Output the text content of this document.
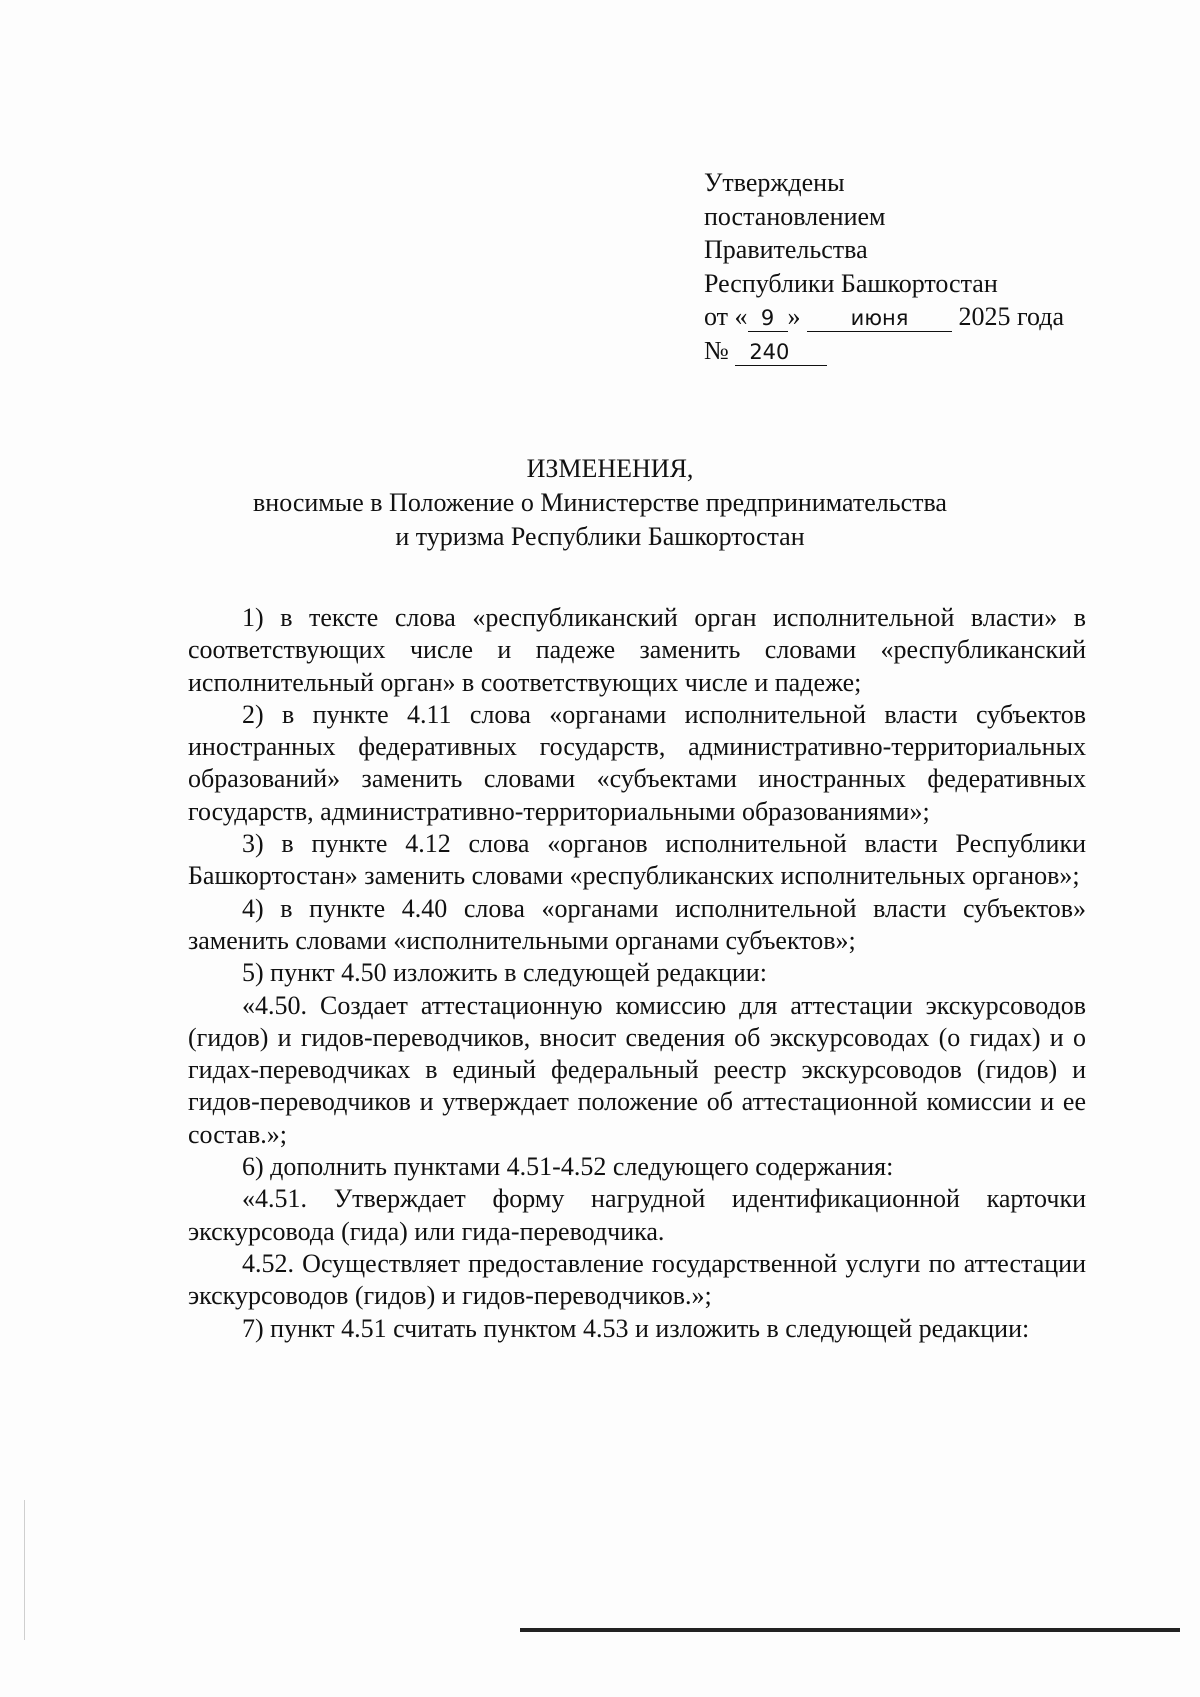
Утверждены
постановлением
Правительства
Республики Башкортостан
от « 9 » июня 2025 года
№ 240
ИЗМЕНЕНИЯ,
вносимые в Положение о Министерстве предпринимательства
и туризма Республики Башкортостан

1) в тексте слова «республиканский орган исполнительной власти» в соответствующих числе и падеже заменить словами «республиканский исполнительный орган» в соответствующих числе и падеже;

2) в пункте 4.11 слова «органами исполнительной власти субъектов иностранных федеративных государств, административно-территориальных образований» заменить словами «субъектами иностранных федеративных государств, административно-территориальными образованиями»;

3) в пункте 4.12 слова «органов исполнительной власти Республики Башкортостан» заменить словами «республиканских исполнительных органов»;

4) в пункте 4.40 слова «органами исполнительной власти субъектов» заменить словами «исполнительными органами субъектов»;

5) пункт 4.50 изложить в следующей редакции:

«4.50. Создает аттестационную комиссию для аттестации экскурсоводов (гидов) и гидов-переводчиков, вносит сведения об экскурсоводах (о гидах) и о гидах-переводчиках в единый федеральный реестр экскурсоводов (гидов) и гидов-переводчиков и утверждает положение об аттестационной комиссии и ее состав.»;

6) дополнить пунктами 4.51-4.52 следующего содержания:

«4.51. Утверждает форму нагрудной идентификационной карточки экскурсовода (гида) или гида-переводчика.

4.52. Осуществляет предоставление государственной услуги по аттестации экскурсоводов (гидов) и гидов-переводчиков.»;

7) пункт 4.51 считать пунктом 4.53 и изложить в следующей редакции:
